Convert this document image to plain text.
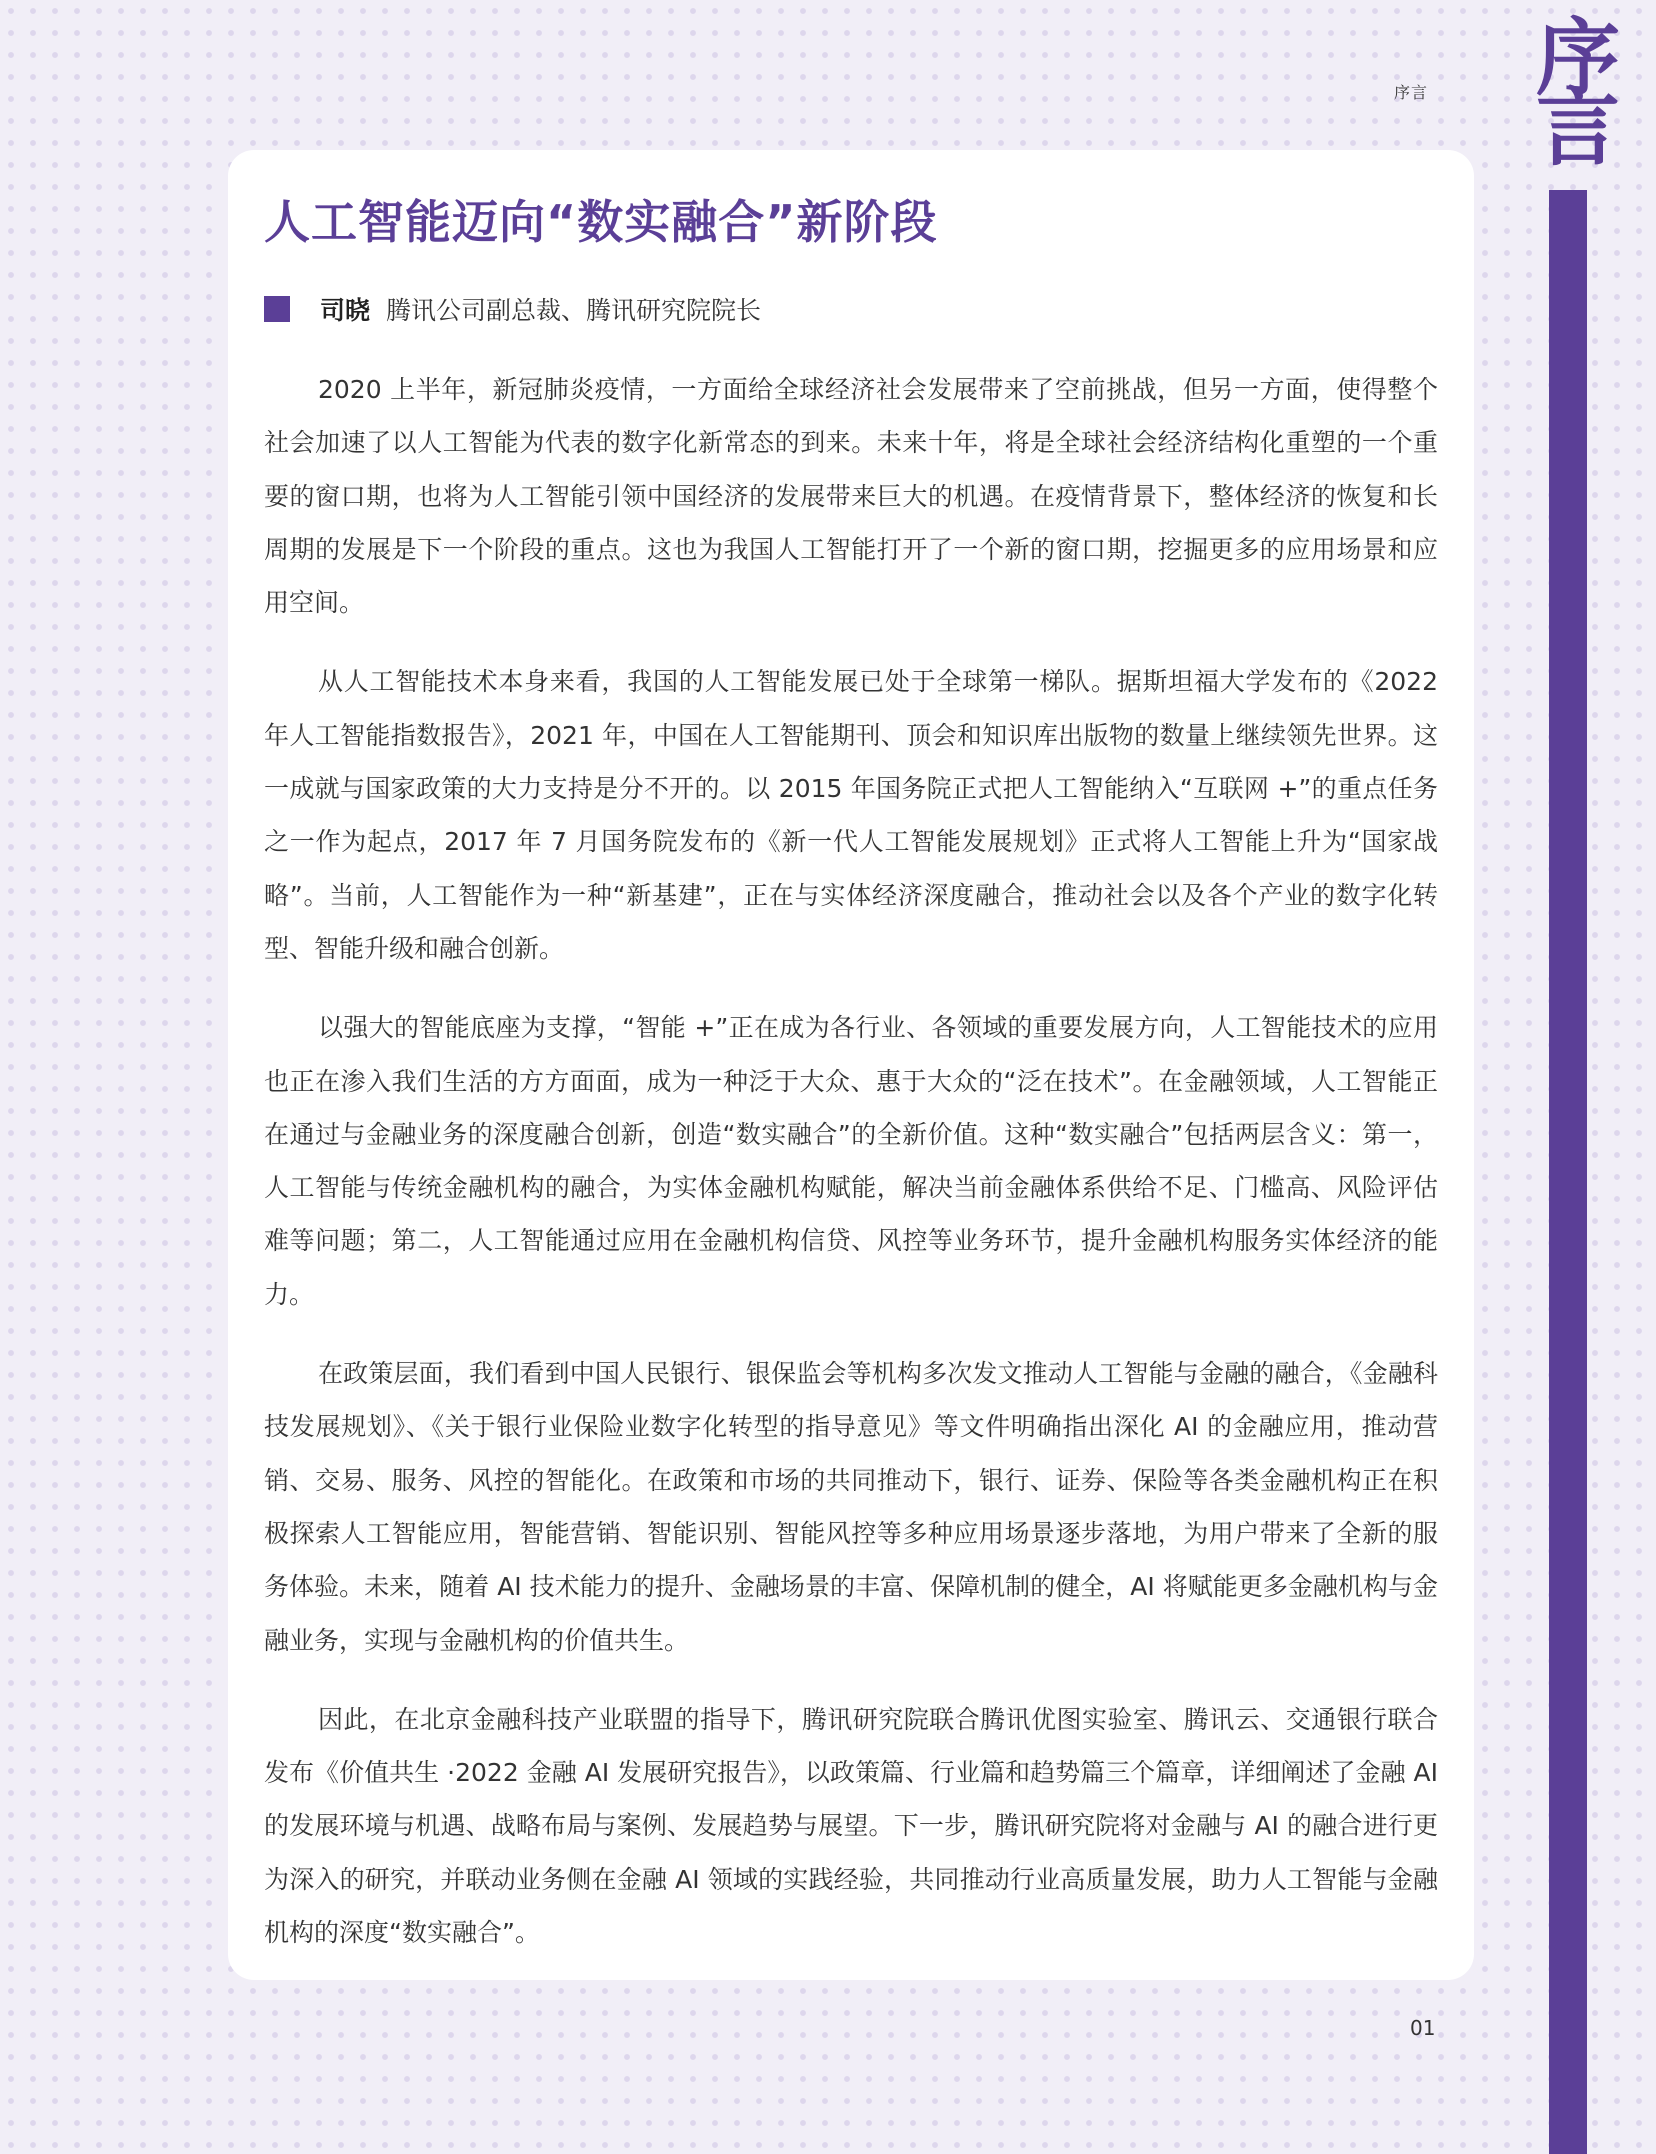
序
言
序言
人工智能迈向“数实融合”新阶段
司晓 腾讯公司副总裁、腾讯研究院院长

2020 上半年，新冠肺炎疫情，一方面给全球经济社会发展带来了空前挑战，但另一方面，使得整个社会加速了以人工智能为代表的数字化新常态的到来。未来十年，将是全球社会经济结构化重塑的一个重要的窗口期，也将为人工智能引领中国经济的发展带来巨大的机遇。在疫情背景下，整体经济的恢复和长周期的发展是下一个阶段的重点。这也为我国人工智能打开了一个新的窗口期，挖掘更多的应用场景和应用空间。

从人工智能技术本身来看，我国的人工智能发展已处于全球第一梯队。据斯坦福大学发布的《2022 年人工智能指数报告》，2021 年，中国在人工智能期刊、顶会和知识库出版物的数量上继续领先世界。这一成就与国家政策的大力支持是分不开的。以 2015 年国务院正式把人工智能纳入“互联网 +”的重点任务之一作为起点，2017 年 7 月国务院发布的《新一代人工智能发展规划》正式将人工智能上升为“国家战略”。当前，人工智能作为一种“新基建”，正在与实体经济深度融合，推动社会以及各个产业的数字化转型、智能升级和融合创新。

以强大的智能底座为支撑，“智能 +”正在成为各行业、各领域的重要发展方向，人工智能技术的应用也正在渗入我们生活的方方面面，成为一种泛于大众、惠于大众的“泛在技术”。在金融领域，人工智能正在通过与金融业务的深度融合创新，创造“数实融合”的全新价值。这种“数实融合”包括两层含义：第一，人工智能与传统金融机构的融合，为实体金融机构赋能，解决当前金融体系供给不足、门槛高、风险评估难等问题；第二，人工智能通过应用在金融机构信贷、风控等业务环节，提升金融机构服务实体经济的能力。

在政策层面，我们看到中国人民银行、银保监会等机构多次发文推动人工智能与金融的融合，《金融科技发展规划》、《关于银行业保险业数字化转型的指导意见》等文件明确指出深化 AI 的金融应用，推动营销、交易、服务、风控的智能化。在政策和市场的共同推动下，银行、证券、保险等各类金融机构正在积极探索人工智能应用，智能营销、智能识别、智能风控等多种应用场景逐步落地，为用户带来了全新的服务体验。未来，随着 AI 技术能力的提升、金融场景的丰富、保障机制的健全，AI 将赋能更多金融机构与金融业务，实现与金融机构的价值共生。

因此，在北京金融科技产业联盟的指导下，腾讯研究院联合腾讯优图实验室、腾讯云、交通银行联合发布《价值共生 ·2022 金融 AI 发展研究报告》，以政策篇、行业篇和趋势篇三个篇章，详细阐述了金融 AI 的发展环境与机遇、战略布局与案例、发展趋势与展望。下一步，腾讯研究院将对金融与 AI 的融合进行更为深入的研究，并联动业务侧在金融 AI 领域的实践经验，共同推动行业高质量发展，助力人工智能与金融机构的深度“数实融合”。

01
